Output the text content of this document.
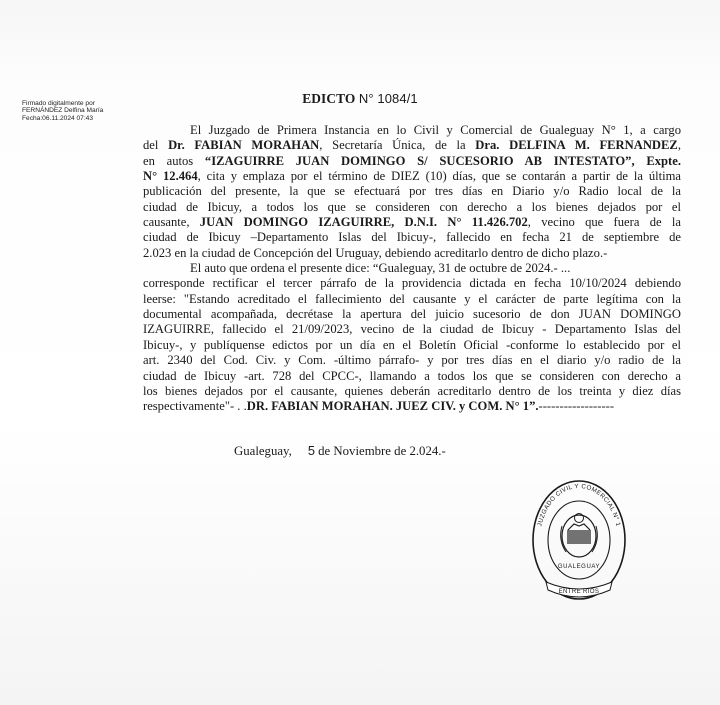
Firmado digitalmente por
FERNÁNDEZ Delfina María
Fecha:06.11.2024 07:43
EDICTO N° 1084/1
El Juzgado de Primera Instancia en lo Civil y Comercial de Gualeguay N° 1, a cargo
del Dr. FABIAN MORAHAN, Secretaría Única, de la Dra. DELFINA M. FERNANDEZ,
en autos “IZAGUIRRE JUAN DOMINGO S/ SUCESORIO AB INTESTATO”, Expte.
N° 12.464, cita y emplaza por el término de DIEZ (10) días, que se contarán a partir de la última
publicación del presente, la que se efectuará por tres días en Diario y/o Radio local de la
ciudad de Ibicuy, a todos los que se consideren con derecho a los bienes dejados por el
causante, JUAN DOMINGO IZAGUIRRE, D.N.I. N° 11.426.702, vecino que fuera de la
ciudad de Ibicuy –Departamento Islas del Ibicuy-, fallecido en fecha 21 de septiembre de
2.023 en la ciudad de Concepción del Uruguay, debiendo acreditarlo dentro de dicho plazo.-
El auto que ordena el presente dice: “Gualeguay, 31 de octubre de 2024.- ...
corresponde rectificar el tercer párrafo de la providencia dictada en fecha 10/10/2024 debiendo
leerse: "Estando acreditado el fallecimiento del causante y el carácter de parte legítima con la
documental acompañada, decrétase la apertura del juicio sucesorio de don JUAN DOMINGO
IZAGUIRRE, fallecido el 21/09/2023, vecino de la ciudad de Ibicuy - Departamento Islas del
Ibicuy-, y publíquense edictos por un día en el Boletín Oficial -conforme lo establecido por el
art. 2340 del Cod. Civ. y Com. -último párrafo- y por tres días en el diario y/o radio de la
ciudad de Ibicuy -art. 728 del CPCC-, llamando a todos los que se consideren con derecho a
los bienes dejados por el causante, quienes deberán acreditarlo dentro de los treinta y diez días
respectivamente"- . .DR. FABIAN MORAHAN. JUEZ CIV. y COM. N° 1”.------------------
Gualeguay, 5 de Noviembre de 2.024.-
JUZGADO CIVIL Y COMERCIAL N° 1
GUALEGUAY
ENTRE RIOS
